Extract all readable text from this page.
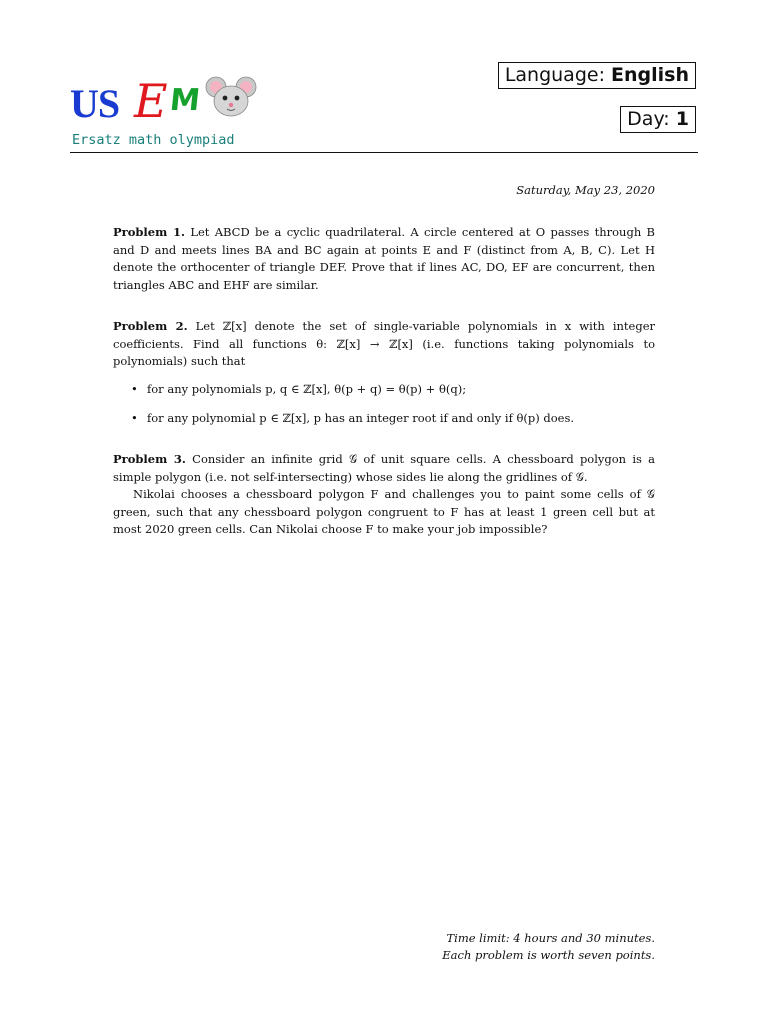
US E M
Ersatz math olympiad
Language: English
Day: 1
Saturday, May 23, 2020

Problem 1. Let ABCD be a cyclic quadrilateral. A circle centered at O passes through B and D and meets lines BA and BC again at points E and F (distinct from A, B, C). Let H denote the orthocenter of triangle DEF. Prove that if lines AC, DO, EF are concurrent, then triangles ABC and EHF are similar.

Problem 2. Let ℤ[x] denote the set of single-variable polynomials in x with integer coefficients. Find all functions θ: ℤ[x] → ℤ[x] (i.e. functions taking polynomials to polynomials) such that

• for any polynomials p, q ∈ ℤ[x], θ(p + q) = θ(p) + θ(q);
• for any polynomial p ∈ ℤ[x], p has an integer root if and only if θ(p) does.

Problem 3. Consider an infinite grid 𝒢 of unit square cells. A chessboard polygon is a simple polygon (i.e. not self-intersecting) whose sides lie along the gridlines of 𝒢.

Nikolai chooses a chessboard polygon F and challenges you to paint some cells of 𝒢 green, such that any chessboard polygon congruent to F has at least 1 green cell but at most 2020 green cells. Can Nikolai choose F to make your job impossible?

Time limit: 4 hours and 30 minutes.
Each problem is worth seven points.
